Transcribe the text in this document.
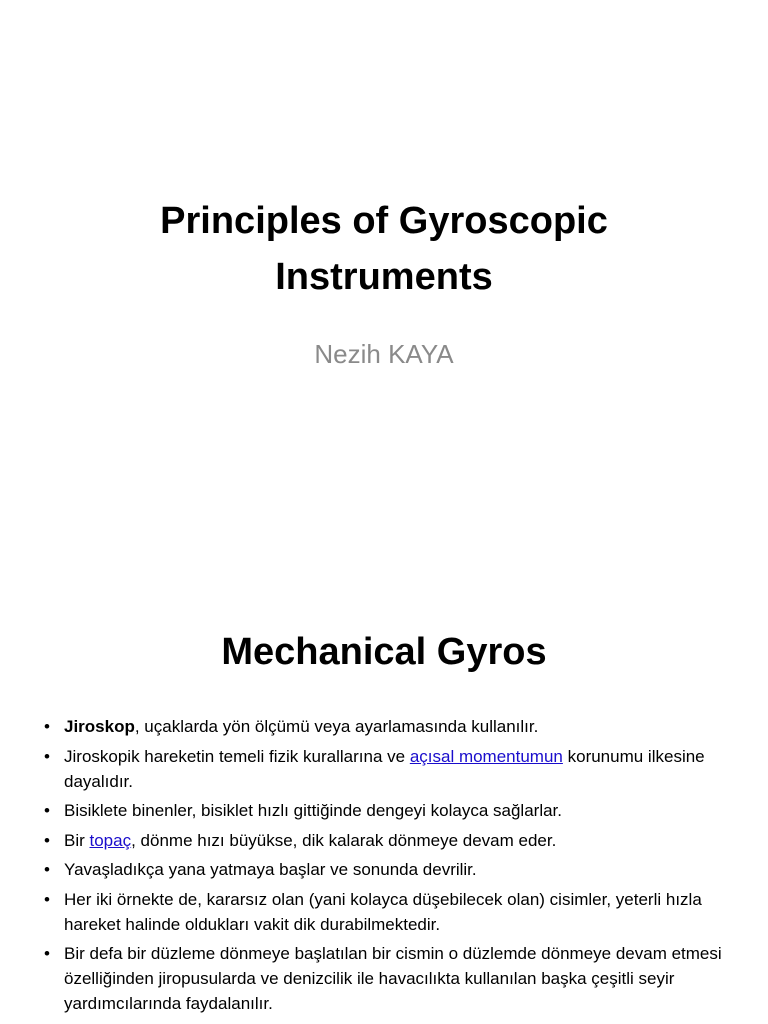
Principles of Gyroscopic
Instruments
Nezih KAYA
Mechanical Gyros
• Jiroskop, uçaklarda yön ölçümü veya ayarlamasında kullanılır.
• Jiroskopik hareketin temeli fizik kurallarına ve açısal momentumun korunumu ilkesine dayalıdır.
• Bisiklete binenler, bisiklet hızlı gittiğinde dengeyi kolayca sağlarlar.
• Bir topaç, dönme hızı büyükse, dik kalarak dönmeye devam eder.
• Yavaşladıkça yana yatmaya başlar ve sonunda devrilir.
• Her iki örnekte de, kararsız olan (yani kolayca düşebilecek olan) cisimler, yeterli hızla hareket halinde oldukları vakit dik durabilmektedir.
• Bir defa bir düzleme dönmeye başlatılan bir cismin o düzlemde dönmeye devam etmesi özelliğinden jiropusularda ve denizcilik ile havacılıkta kullanılan başka çeşitli seyir yardımcılarında faydalanılır.
